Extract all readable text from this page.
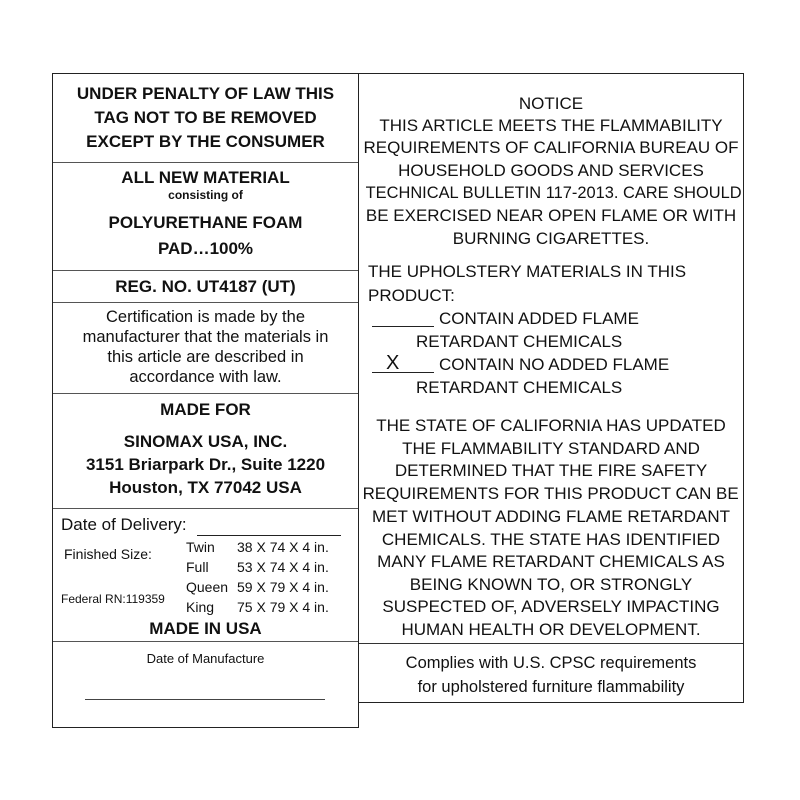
UNDER PENALTY OF LAW THIS
TAG NOT TO BE REMOVED
EXCEPT BY THE CONSUMER
ALL NEW MATERIAL
consisting of
POLYURETHANE FOAM
PAD…100%
REG. NO. UT4187 (UT)
Certification is made by the
manufacturer that the materials in
this article are described in
accordance with law.
MADE FOR
SINOMAX USA, INC.
3151 Briarpark Dr., Suite 1220
Houston, TX 77042 USA
Date of Delivery:
Finished Size:
Federal RN:119359
Twin 38 X 74 X 4 in.
Full 53 X 74 X 4 in.
Queen 59 X 79 X 4 in.
King 75 X 79 X 4 in.
MADE IN USA
Date of Manufacture
NOTICE
THIS ARTICLE MEETS THE FLAMMABILITY
REQUIREMENTS OF CALIFORNIA BUREAU OF
HOUSEHOLD GOODS AND SERVICES
TECHNICAL BULLETIN 117-2013. CARE SHOULD
BE EXERCISED NEAR OPEN FLAME OR WITH
BURNING CIGARETTES.
THE UPHOLSTERY MATERIALS IN THIS
PRODUCT:
CONTAIN ADDED FLAME
RETARDANT CHEMICALS
X CONTAIN NO ADDED FLAME
RETARDANT CHEMICALS
THE STATE OF CALIFORNIA HAS UPDATED
THE FLAMMABILITY STANDARD AND
DETERMINED THAT THE FIRE SAFETY
REQUIREMENTS FOR THIS PRODUCT CAN BE
MET WITHOUT ADDING FLAME RETARDANT
CHEMICALS. THE STATE HAS IDENTIFIED
MANY FLAME RETARDANT CHEMICALS AS
BEING KNOWN TO, OR STRONGLY
SUSPECTED OF, ADVERSELY IMPACTING
HUMAN HEALTH OR DEVELOPMENT.
Complies with U.S. CPSC requirements
for upholstered furniture flammability
